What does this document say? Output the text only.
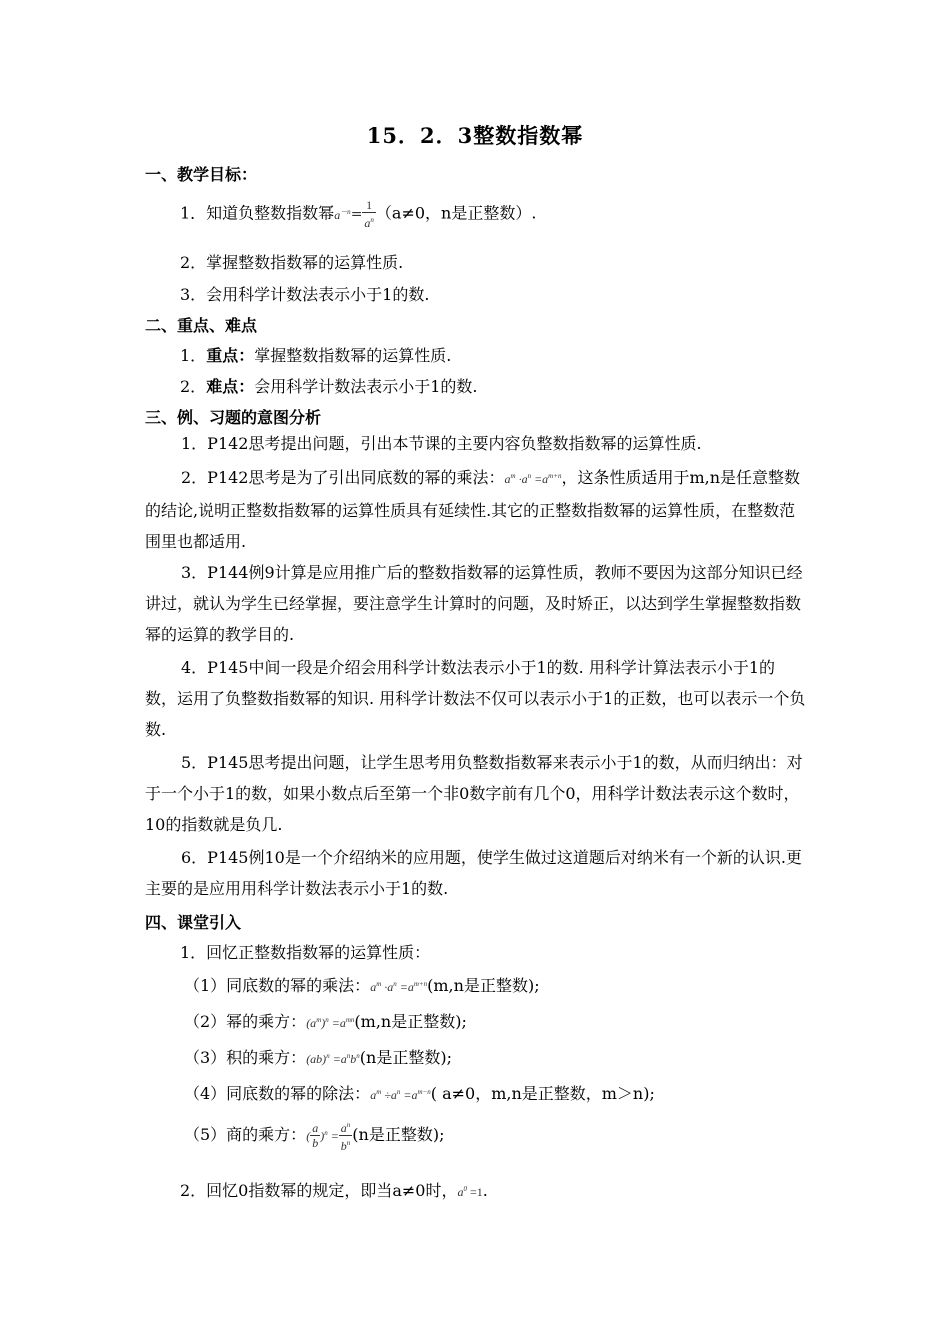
15．2．3整数指数幂
一、教学目标：
1．知道负整数指数幂$a^{-n}= \frac{1}{a^n} (a\ne 0$，n是正整数）.
2．掌握整数指数幂的运算性质.
3．会用科学计数法表示小于1的数.
二、重点、难点
1．重点：掌握整数指数幂的运算性质.
2．难点：会用科学计数法表示小于1的数.
三、例、习题的意图分析
1．P142思考提出问题，引出本节课的主要内容负整数指数幂的运算性质.
2．P142思考是为了引出同底数的幂的乘法：$a^m \cdot a^n =a^{m+n}$，这条性质适用于m,n是任意整数的结论,说明正整数指数幂的运算性质具有延续性.其它的正整数指数幂的运算性质，在整数范围里也都适用.
3．P144例9计算是应用推广后的整数指数幂的运算性质，教师不要因为这部分知识已经讲过，就认为学生已经掌握，要注意学生计算时的问题，及时矫正，以达到学生掌握整数指数幂的运算的教学目的.
4．P145中间一段是介绍会用科学计数法表示小于1的数. 用科学计算法表示小于1的数，运用了负整数指数幂的知识. 用科学计数法不仅可以表示小于1的正数，也可以表示一个负数.
5．P145思考提出问题，让学生思考用负整数指数幂来表示小于1的数，从而归纳出：对于一个小于1的数，如果小数点后至第一个非0数字前有几个0，用科学计数法表示这个数时，10的指数就是负几.
6．P145例10是一个介绍纳米的应用题，使学生做过这道题后对纳米有一个新的认识.更主要的是应用用科学计数法表示小于1的数.
四、课堂引入
1．回忆正整数指数幂的运算性质：
（1）同底数的幂的乘法：$a^m \cdot a^n =a^{m+n}(m,n$是正整数);
（2）幂的乘方：$(a^m)^n =a^{mn}(m,n$是正整数);
（3）积的乘方：$(ab)^n =a^nb^n(n$是正整数);
（4）同底数的幂的除法：$a^m \div a^n =a^{m-n}$( a≠0，m,n是正整数，m＞n);
（5）商的乘方：( $\frac{a}{b} )^n = \frac{a^n}{b^n} (n$是正整数);
2．回忆0指数幂的规定，即当a≠0时，$a^0 =1$.
